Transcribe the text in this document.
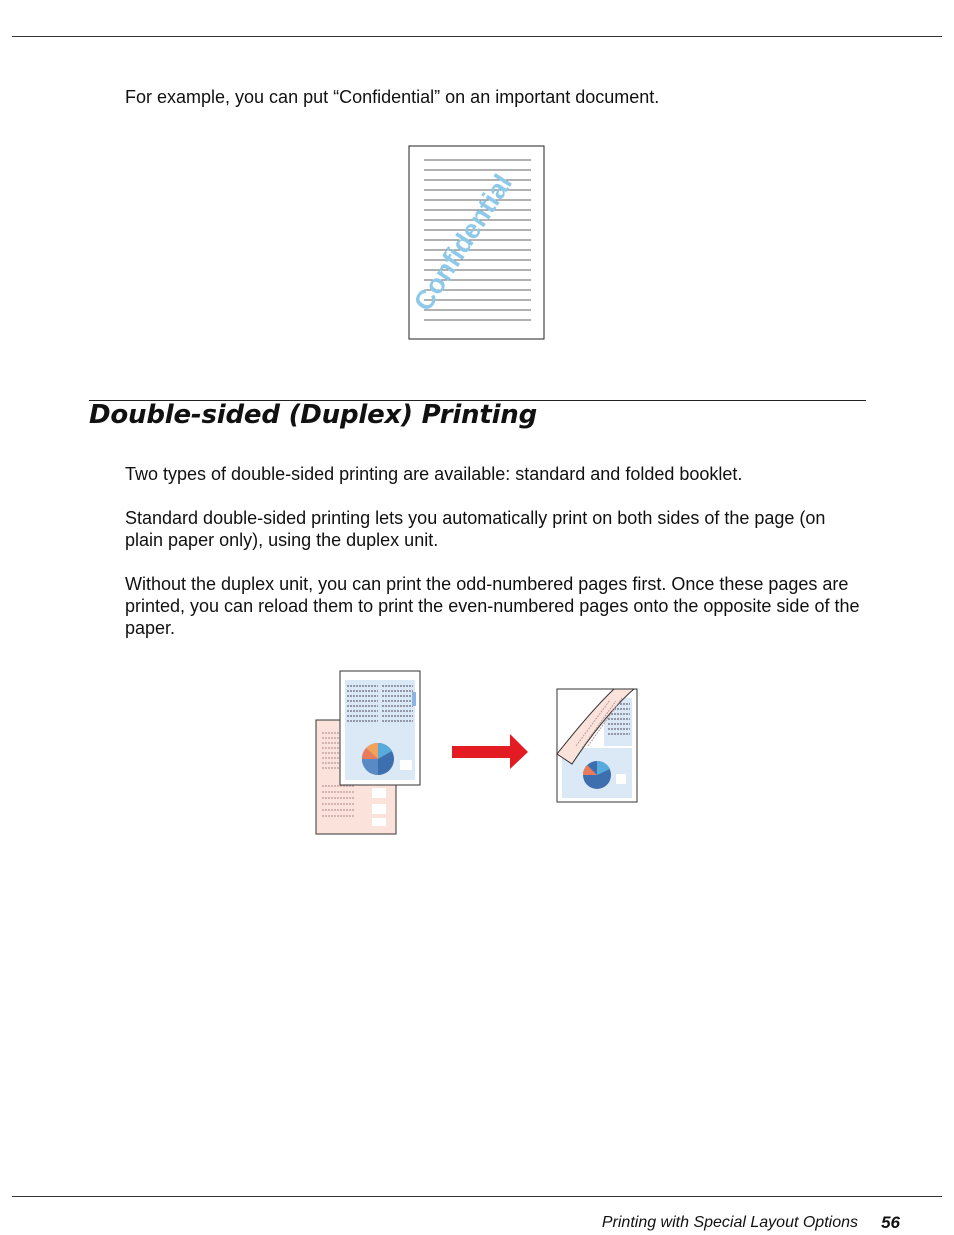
For example, you can put “Confidential” on an important document.

Confidential
Double-sided (Duplex) Printing

Two types of double-sided printing are available: standard and folded booklet.

Standard double-sided printing lets you automatically print on both sides of the page (on plain paper only), using the duplex unit.

Without the duplex unit, you can print the odd-numbered pages first. Once these pages are printed, you can reload them to print the even-numbered pages onto the opposite side of the paper.

Printing with Special Layout Options 56
